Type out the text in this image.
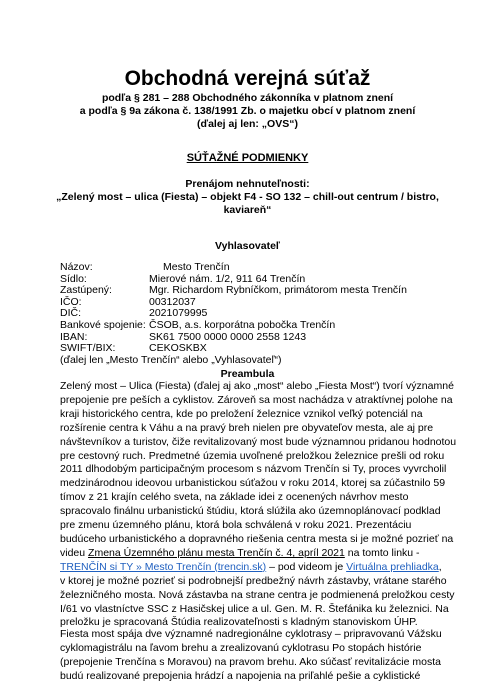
Obchodná verejná súťaž
podľa § 281 – 288 Obchodného zákonníka v platnom znení
a podľa § 9a zákona č. 138/1991 Zb. o majetku obcí v platnom znení
(ďalej aj len: „OVS“)
SÚŤAŽNÉ PODMIENKY
Prenájom nehnuteľnosti:
„Zelený most – ulica (Fiesta) – objekt F4 - SO 132 – chill-out centrum / bistro,
kaviareň“
Vyhlasovateľ
Názov:	Mesto Trenčín
Sídlo:	Mierové nám. 1/2, 911 64 Trenčín
Zastúpený:	Mgr. Richardom Rybníčkom, primátorom mesta Trenčín
IČO:	00312037
DIČ:	2021079995
Bankové spojenie: ČSOB, a.s. korporátna pobočka Trenčín
IBAN:	SK61 7500 0000 0000 2558 1243
SWIFT/BIX:	CEKOSKBX
(ďalej len „Mesto Trenčín“ alebo „Vyhlasovateľ“)
Preambula
Zelený most – Ulica (Fiesta) (ďalej aj ako „most“ alebo „Fiesta Most“) tvorí významné
prepojenie pre peších a cyklistov. Zároveň sa most nachádza v atraktívnej polohe na
kraji historického centra, kde po preložení železnice vznikol veľký potenciál na
rozšírenie centra k Váhu a na pravý breh nielen pre obyvateľov mesta, ale aj pre
návštevníkov a turistov, čiže revitalizovaný most bude významnou pridanou hodnotou
pre cestovný ruch. Predmetné územia uvoľnené preložkou železnice prešli od roku
2011 dlhodobým participačným procesom s názvom Trenčín si Ty, proces vyvrcholil
medzinárodnou ideovou urbanistickou súťažou v roku 2014, ktorej sa zúčastnilo 59
tímov z 21 krajín celého sveta, na základe idei z ocenených návrhov mesto
spracovalo finálnu urbanistickú štúdiu, ktorá slúžila ako územnoplánovací podklad
pre zmenu územného plánu, ktorá bola schválená v roku 2021. Prezentáciu
budúceho urbanistického a dopravného riešenia centra mesta si je možné pozrieť na
videu Zmena Územného plánu mesta Trenčín č. 4, apríl 2021 na tomto linku -
TRENČÍN si TY » Mesto Trenčín (trencin.sk) – pod videom je Virtuálna prehliadka,
v ktorej je možné pozrieť si podrobnejší predbežný návrh zástavby, vrátane starého
železničného mosta. Nová zástavba na strane centra je podmienená preložkou cesty
I/61 vo vlastníctve SSC z Hasičskej ulice a ul. Gen. M. R. Štefánika ku železnici. Na
preložku je spracovaná Štúdia realizovateľnosti s kladným stanoviskom ÚHP.
Fiesta most spája dve významné nadregionálne cyklotrasy – pripravovanú Vážsku
cyklomagistrálu na ľavom brehu a zrealizovanú cyklotrasu Po stopách histórie
(prepojenie Trenčína s Moravou) na pravom brehu. Ako súčasť revitalizácie mosta
budú realizované prepojenia hrádzí a napojenia na priľahlé pešie a cyklistické
